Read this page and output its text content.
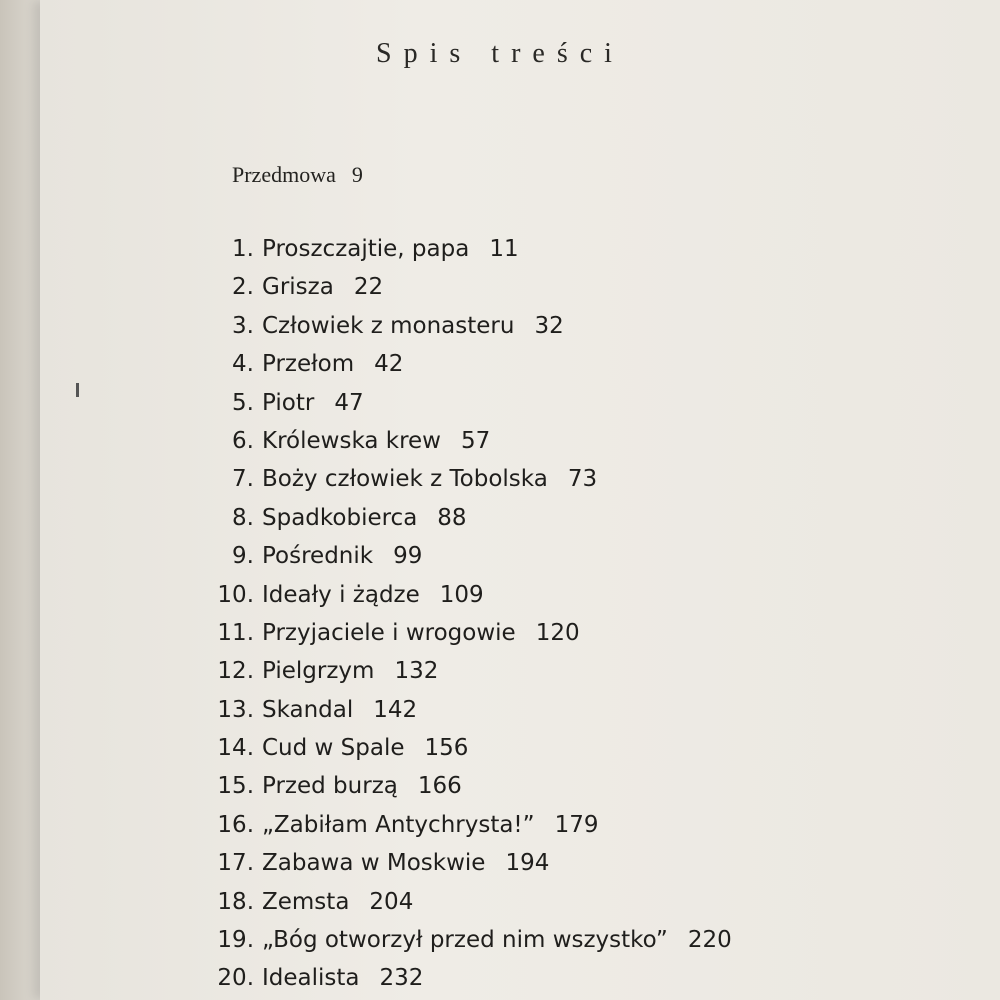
Spis treści
Przedmowa 9
1. Proszczajtie, papa 11
2. Grisza 22
3. Człowiek z monasteru 32
4. Przełom 42
5. Piotr 47
6. Królewska krew 57
7. Boży człowiek z Tobolska 73
8. Spadkobierca 88
9. Pośrednik 99
10. Ideały i żądze 109
11. Przyjaciele i wrogowie 120
12. Pielgrzym 132
13. Skandal 142
14. Cud w Spale 156
15. Przed burzą 166
16. „Zabiłam Antychrysta!” 179
17. Zabawa w Moskwie 194
18. Zemsta 204
19. „Bóg otworzył przed nim wszystko” 220
20. Idealista 232
